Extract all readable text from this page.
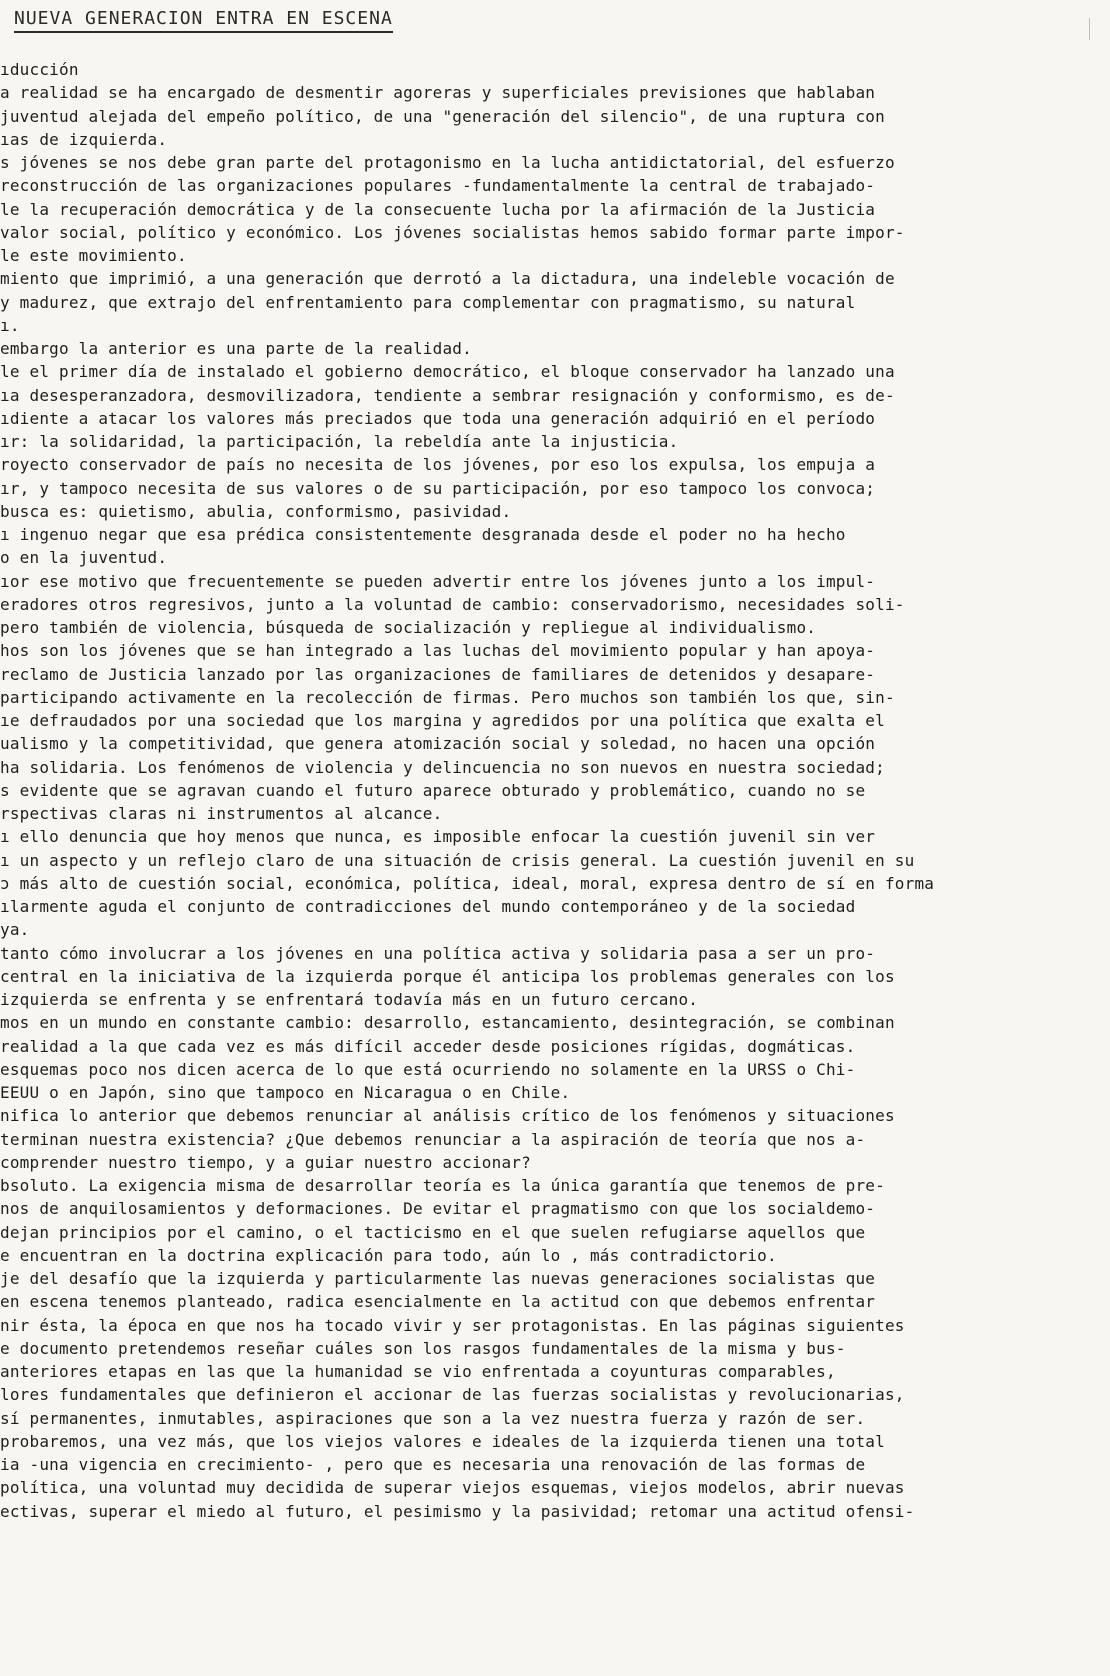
NUEVA GENERACION ENTRA EN ESCENA
ıducción
a realidad se ha encargado de desmentir agoreras y superficiales previsiones que hablaban
juventud alejada del empeño político, de una "generación del silencio", de una ruptura con
ıas de izquierda.
s jóvenes se nos debe gran parte del protagonismo en la lucha antidictatorial, del esfuerzo
reconstrucción de las organizaciones populares -fundamentalmente la central de trabajado-
le la recuperación democrática y de la consecuente lucha por la afirmación de la Justicia
valor social, político y económico. Los jóvenes socialistas hemos sabido formar parte impor-
le este movimiento.
miento que imprimió, a una generación que derrotó a la dictadura, una indeleble vocación de
y madurez, que extrajo del enfrentamiento para complementar con pragmatismo, su natural
ı.
embargo la anterior es una parte de la realidad.
le el primer día de instalado el gobierno democrático, el bloque conservador ha lanzado una
ıa desesperanzadora, desmovilizadora, tendiente a sembrar resignación y conformismo, es de-
ıdiente a atacar los valores más preciados que toda una generación adquirió en el período
ır: la solidaridad, la participación, la rebeldía ante la injusticia.
royecto conservador de país no necesita de los jóvenes, por eso los expulsa, los empuja a
ır, y tampoco necesita de sus valores o de su participación, por eso tampoco los convoca;
busca es: quietismo, abulia, conformismo, pasividad.
ı ingenuo negar que esa prédica consistentemente desgranada desde el poder no ha hecho
o en la juventud.
ıor ese motivo que frecuentemente se pueden advertir entre los jóvenes junto a los impul-
eradores otros regresivos, junto a la voluntad de cambio: conservadorismo, necesidades soli-
pero también de violencia, búsqueda de socialización y repliegue al individualismo.
hos son los jóvenes que se han integrado a las luchas del movimiento popular y han apoya-
reclamo de Justicia lanzado por las organizaciones de familiares de detenidos y desapare-
participando activamente en la recolección de firmas. Pero muchos son también los que, sin-
ıe defraudados por una sociedad que los margina y agredidos por una política que exalta el
ualismo y la competitividad, que genera atomización social y soledad, no hacen una opción
ha solidaria. Los fenómenos de violencia y delincuencia no son nuevos en nuestra sociedad;
s evidente que se agravan cuando el futuro aparece obturado y problemático, cuando no se
rspectivas claras ni instrumentos al alcance.
ı ello denuncia que hoy menos que nunca, es imposible enfocar la cuestión juvenil sin ver
ı un aspecto y un reflejo claro de una situación de crisis general. La cuestión juvenil en su
ɔ más alto de cuestión social, económica, política, ideal, moral, expresa dentro de sí en forma
ılarmente aguda el conjunto de contradicciones del mundo contemporáneo y de la sociedad
ya.
tanto cómo involucrar a los jóvenes en una política activa y solidaria pasa a ser un pro-
central en la iniciativa de la izquierda porque él anticipa los problemas generales con los
izquierda se enfrenta y se enfrentará todavía más en un futuro cercano.
mos en un mundo en constante cambio: desarrollo, estancamiento, desintegración, se combinan
realidad a la que cada vez es más difícil acceder desde posiciones rígidas, dogmáticas.
esquemas poco nos dicen acerca de lo que está ocurriendo no solamente en la URSS o Chi-
EEUU o en Japón, sino que tampoco en Nicaragua o en Chile.
nifica lo anterior que debemos renunciar al análisis crítico de los fenómenos y situaciones
terminan nuestra existencia? ¿Que debemos renunciar a la aspiración de teoría que nos a-
comprender nuestro tiempo, y a guiar nuestro accionar?
bsoluto. La exigencia misma de desarrollar teoría es la única garantía que tenemos de pre-
nos de anquilosamientos y deformaciones. De evitar el pragmatismo con que los socialdemo-
dejan principios por el camino, o el tacticismo en el que suelen refugiarse aquellos que
e encuentran en la doctrina explicación para todo, aún lo , más contradictorio.
je del desafío que la izquierda y particularmente las nuevas generaciones socialistas que
en escena tenemos planteado, radica esencialmente en la actitud con que debemos enfrentar
nir ésta, la época en que nos ha tocado vivir y ser protagonistas. En las páginas siguientes
e documento pretendemos reseñar cuáles son los rasgos fundamentales de la misma y bus-
anteriores etapas en las que la humanidad se vio enfrentada a coyunturas comparables,
lores fundamentales que definieron el accionar de las fuerzas socialistas y revolucionarias,
sí permanentes, inmutables, aspiraciones que son a la vez nuestra fuerza y razón de ser.
probaremos, una vez más, que los viejos valores e ideales de la izquierda tienen una total
ia -una vigencia en crecimiento- , pero que es necesaria una renovación de las formas de
política, una voluntad muy decidida de superar viejos esquemas, viejos modelos, abrir nuevas
ectivas, superar el miedo al futuro, el pesimismo y la pasividad; retomar una actitud ofensi-
